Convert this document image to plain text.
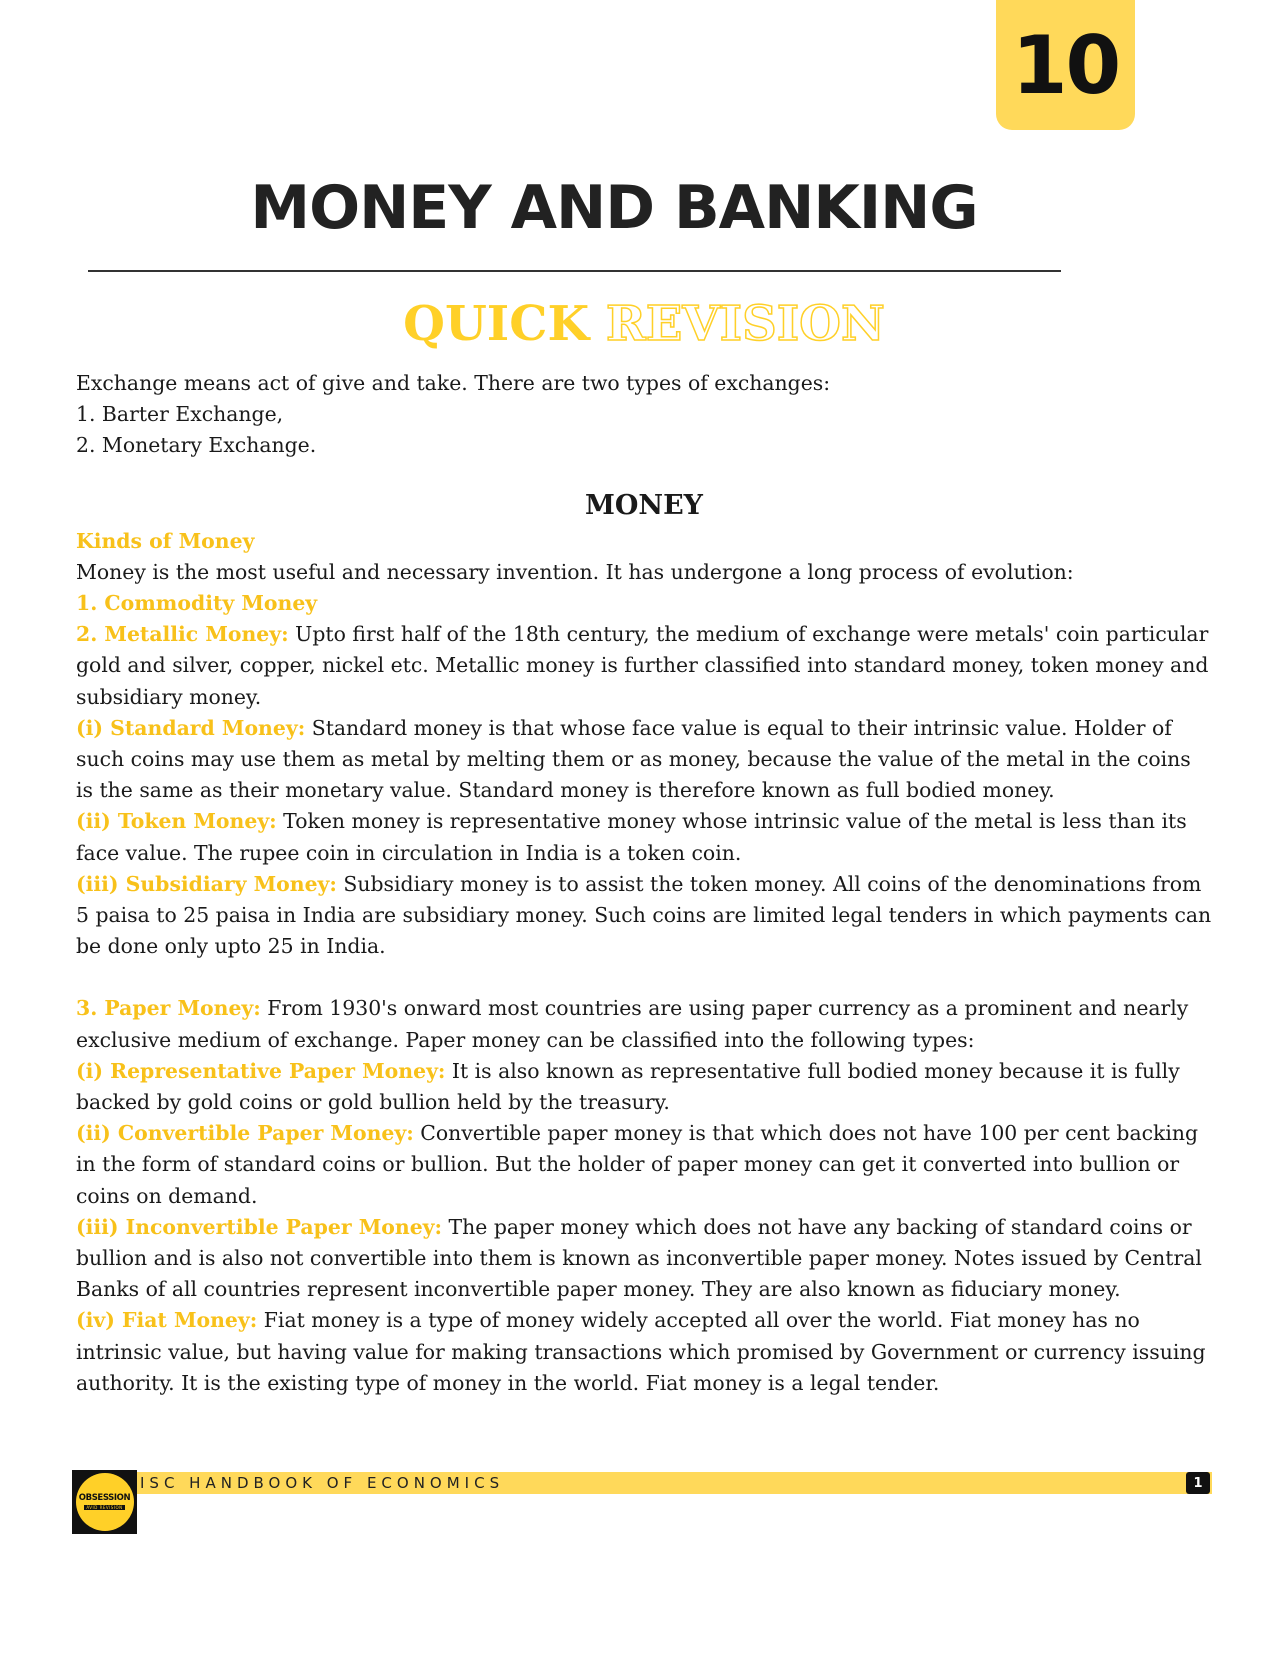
10
MONEY AND BANKING
QUICK REVISION

Exchange means act of give and take. There are two types of exchanges:

1. Barter Exchange,

2. Monetary Exchange.

MONEY

Kinds of Money

Money is the most useful and necessary invention. It has undergone a long process of evolution:

1. Commodity Money

2. Metallic Money: Upto first half of the 18th century, the medium of exchange were metals' coin particular gold and silver, copper, nickel etc. Metallic money is further classified into standard money, token money and subsidiary money.

(i) Standard Money: Standard money is that whose face value is equal to their intrinsic value. Holder of such coins may use them as metal by melting them or as money, because the value of the metal in the coins is the same as their monetary value. Standard money is therefore known as full bodied money.

(ii) Token Money: Token money is representative money whose intrinsic value of the metal is less than its face value. The rupee coin in circulation in India is a token coin.

(iii) Subsidiary Money: Subsidiary money is to assist the token money. All coins of the denominations from 5 paisa to 25 paisa in India are subsidiary money. Such coins are limited legal tenders in which payments can be done only upto 25 in India.

3. Paper Money: From 1930's onward most countries are using paper currency as a prominent and nearly exclusive medium of exchange. Paper money can be classified into the following types:

(i) Representative Paper Money: It is also known as representative full bodied money because it is fully backed by gold coins or gold bullion held by the treasury.

(ii) Convertible Paper Money: Convertible paper money is that which does not have 100 per cent backing in the form of standard coins or bullion. But the holder of paper money can get it converted into bullion or coins on demand.

(iii) Inconvertible Paper Money: The paper money which does not have any backing of standard coins or bullion and is also not convertible into them is known as inconvertible paper money. Notes issued by Central Banks of all countries represent inconvertible paper money. They are also known as fiduciary money.

(iv) Fiat Money: Fiat money is a type of money widely accepted all over the world. Fiat money has no intrinsic value, but having value for making transactions which promised by Government or currency issuing authority. It is the existing type of money in the world. Fiat money is a legal tender.

ISC HANDBOOK OF ECONOMICS	1
OBSESSION
AVID REVISION
